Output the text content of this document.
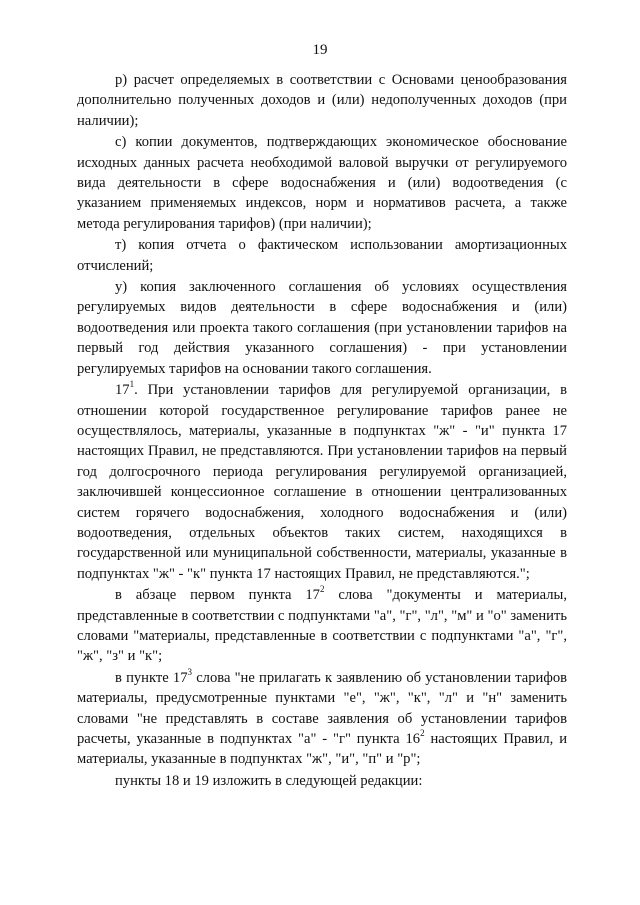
19

р) расчет определяемых в соответствии с Основами ценообразования дополнительно полученных доходов и (или) недополученных доходов (при наличии);

с) копии документов, подтверждающих экономическое обоснование исходных данных расчета необходимой валовой выручки от регулируемого вида деятельности в сфере водоснабжения и (или) водоотведения (с указанием применяемых индексов, норм и нормативов расчета, а также метода регулирования тарифов) (при наличии);

т) копия отчета о фактическом использовании амортизационных отчислений;

у) копия заключенного соглашения об условиях осуществления регулируемых видов деятельности в сфере водоснабжения и (или) водоотведения или проекта такого соглашения (при установлении тарифов на первый год действия указанного соглашения) - при установлении регулируемых тарифов на основании такого соглашения.

$17^1$. При установлении тарифов для регулируемой организации, в отношении которой государственное регулирование тарифов ранее не осуществлялось, материалы, указанные в подпунктах "ж" - "и" пункта 17 настоящих Правил, не представляются. При установлении тарифов на первый год долгосрочного периода регулирования регулируемой организацией, заключившей концессионное соглашение в отношении централизованных систем горячего водоснабжения, холодного водоснабжения и (или) водоотведения, отдельных объектов таких систем, находящихся в государственной или муниципальной собственности, материалы, указанные в подпунктах "ж" - "к" пункта 17 настоящих Правил, не представляются.";

в абзаце первом пункта $17^2$ слова "документы и материалы, представленные в соответствии с подпунктами "а", "г", "л", "м" и "о" заменить словами "материалы, представленные в соответствии с подпунктами "а", "г", "ж", "з" и "к";

в пункте $17^3$ слова "не прилагать к заявлению об установлении тарифов материалы, предусмотренные пунктами "е", "ж", "к", "л" и "н" заменить словами "не представлять в составе заявления об установлении тарифов расчеты, указанные в подпунктах "а" - "г" пункта $16^2$ настоящих Правил, и материалы, указанные в подпунктах "ж", "и", "п" и "р";

пункты 18 и 19 изложить в следующей редакции:
